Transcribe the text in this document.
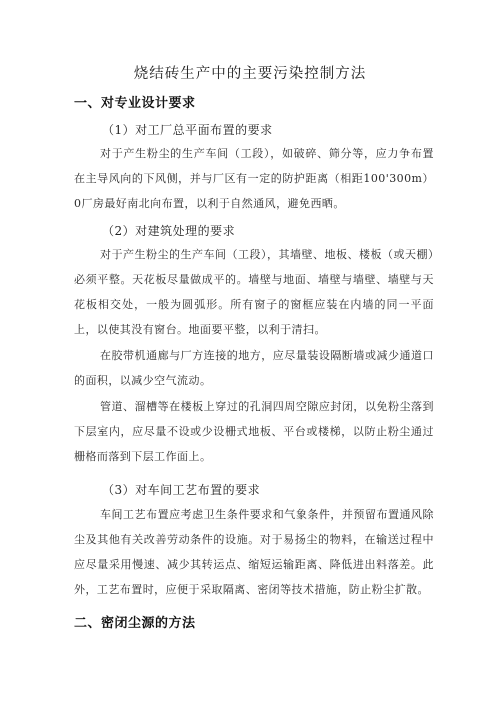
烧结砖生产中的主要污染控制方法
一、对专业设计要求
（1）对工厂总平面布置的要求
对于产生粉尘的生产车间（工段），如破碎、筛分等，应力争布置在主导风向的下风侧，并与厂区有一定的防护距离（相距100'300m）0厂房最好南北向布置，以利于自然通风，避免西晒。
（2）对建筑处理的要求
对于产生粉尘的生产车间（工段），其墙壁、地板、楼板（或天棚）必须平整。天花板尽量做成平的。墙壁与地面、墙壁与墙壁、墙壁与天花板相交处，一般为圆弧形。所有窗子的窗框应装在内墙的同一平面上，以使其没有窗台。地面要平整，以利于清扫。
在胶带机通廊与厂方连接的地方，应尽量装设隔断墙或减少通道口的面积，以减少空气流动。
管道、溜槽等在楼板上穿过的孔洞四周空隙应封闭，以免粉尘落到下层室内，应尽量不设或少设栅式地板、平台或楼梯，以防止粉尘通过栅格而落到下层工作面上。
（3）对车间工艺布置的要求
车间工艺布置应考虑卫生条件要求和气象条件，并预留布置通风除尘及其他有关改善劳动条件的设施。对于易扬尘的物料，在输送过程中应尽量采用慢速、减少其转运点、缩短运输距离、降低进出料落差。此外，工艺布置时，应便于采取隔离、密闭等技术措施，防止粉尘扩散。
二、密闭尘源的方法
